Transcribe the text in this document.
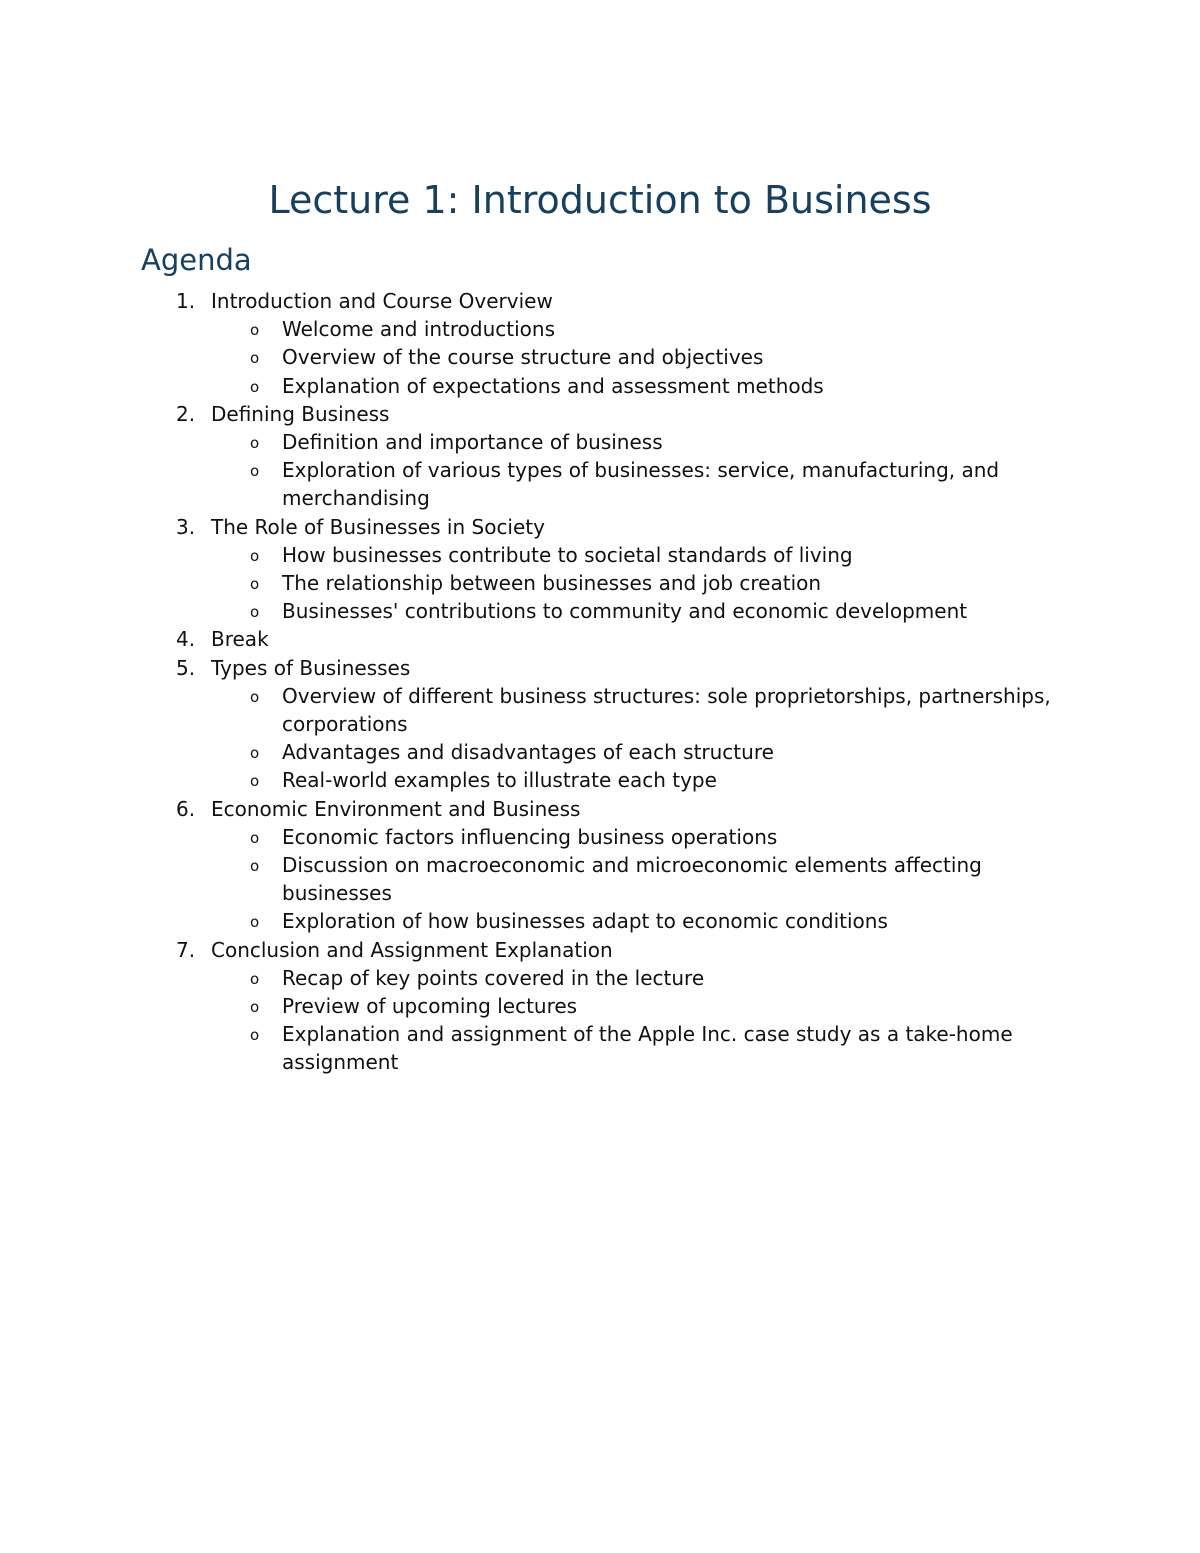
Lecture 1: Introduction to Business
Agenda
1. Introduction and Course Overview
o Welcome and introductions
o Overview of the course structure and objectives
o Explanation of expectations and assessment methods
2. Defining Business
o Definition and importance of business
o Exploration of various types of businesses: service, manufacturing, and merchandising
3. The Role of Businesses in Society
o How businesses contribute to societal standards of living
o The relationship between businesses and job creation
o Businesses' contributions to community and economic development
4. Break
5. Types of Businesses
o Overview of different business structures: sole proprietorships, partnerships, corporations
o Advantages and disadvantages of each structure
o Real-world examples to illustrate each type
6. Economic Environment and Business
o Economic factors influencing business operations
o Discussion on macroeconomic and microeconomic elements affecting businesses
o Exploration of how businesses adapt to economic conditions
7. Conclusion and Assignment Explanation
o Recap of key points covered in the lecture
o Preview of upcoming lectures
o Explanation and assignment of the Apple Inc. case study as a take-home assignment
